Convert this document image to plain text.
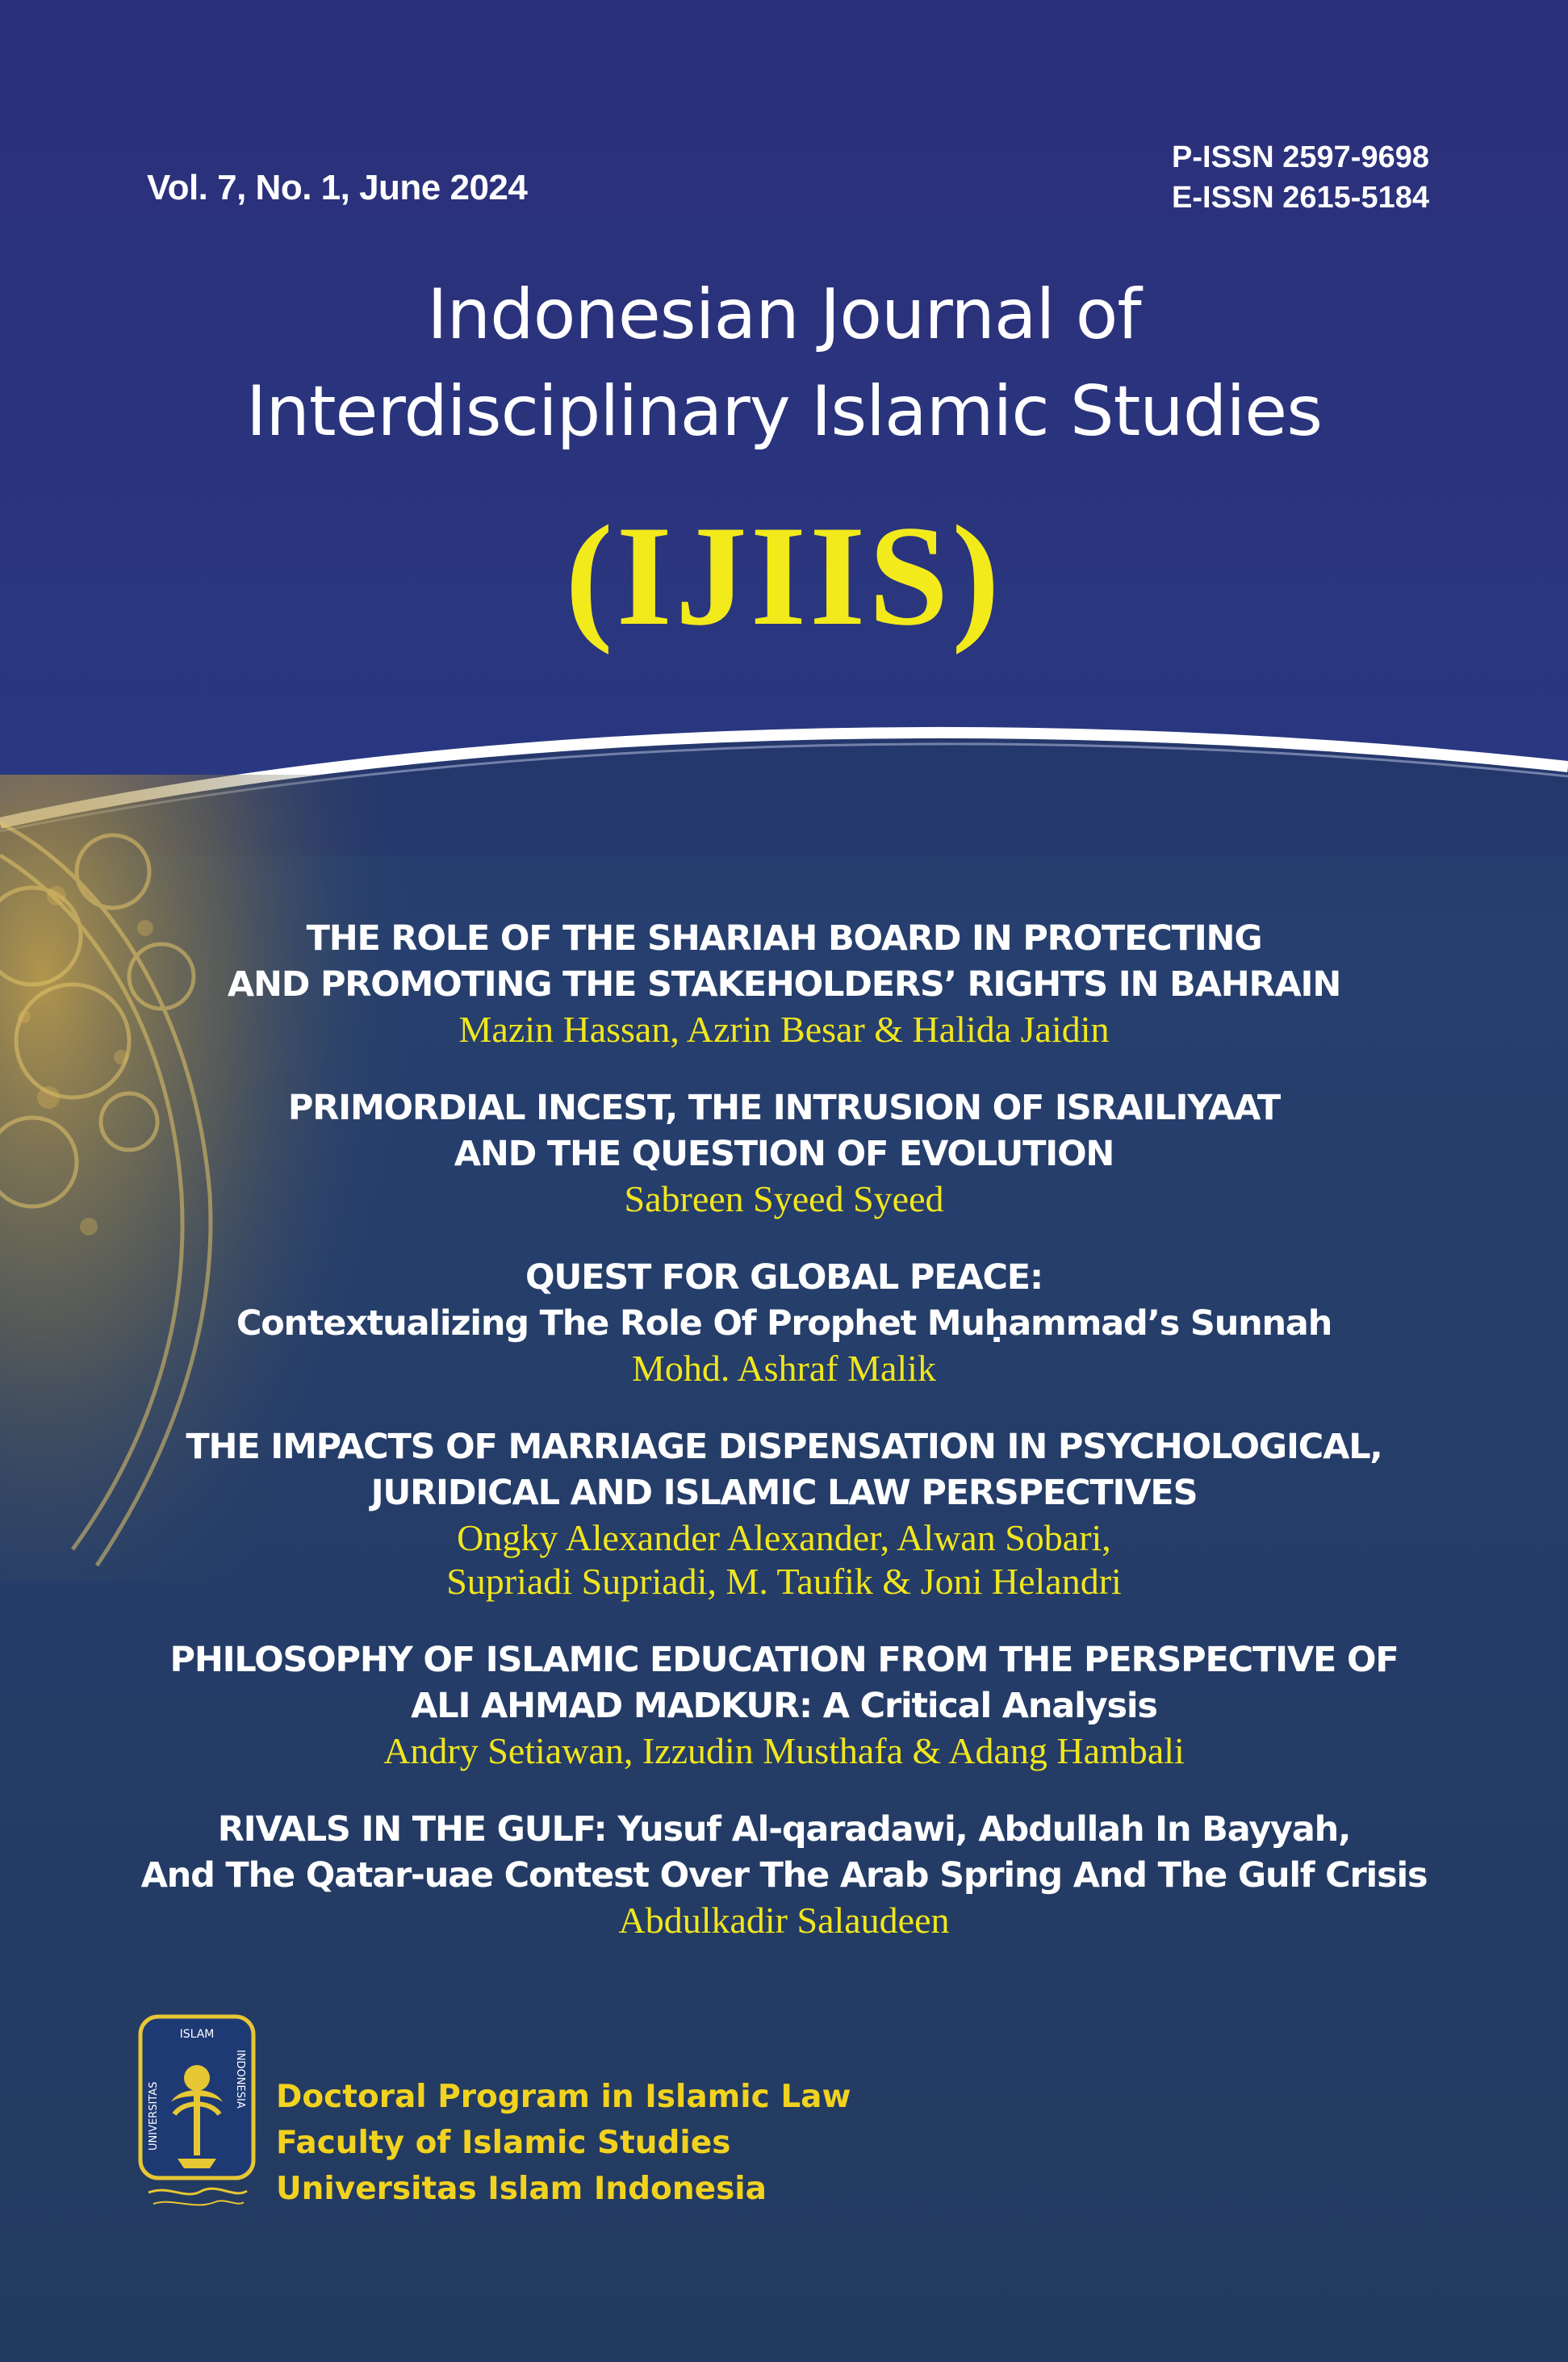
Vol. 7, No. 1, June 2024
P-ISSN 2597-9698
E-ISSN 2615-5184
Indonesian Journal of
Interdisciplinary Islamic Studies
(IJIIS)
THE ROLE OF THE SHARIAH BOARD IN PROTECTING
AND PROMOTING THE STAKEHOLDERS’ RIGHTS IN BAHRAIN
Mazin Hassan, Azrin Besar & Halida Jaidin
PRIMORDIAL INCEST, THE INTRUSION OF ISRAILIYAAT
AND THE QUESTION OF EVOLUTION
Sabreen Syeed Syeed
QUEST FOR GLOBAL PEACE:
Contextualizing The Role Of Prophet Muḥammad’s Sunnah
Mohd. Ashraf Malik
THE IMPACTS OF MARRIAGE DISPENSATION IN PSYCHOLOGICAL,
JURIDICAL AND ISLAMIC LAW PERSPECTIVES
Ongky Alexander Alexander, Alwan Sobari,
Supriadi Supriadi, M. Taufik & Joni Helandri
PHILOSOPHY OF ISLAMIC EDUCATION FROM THE PERSPECTIVE OF
ALI AHMAD MADKUR: A Critical Analysis
Andry Setiawan, Izzudin Musthafa & Adang Hambali
RIVALS IN THE GULF: Yusuf Al-qaradawi, Abdullah In Bayyah,
And The Qatar-uae Contest Over The Arab Spring And The Gulf Crisis
Abdulkadir Salaudeen
ISLAM
UNIVERSITAS
INDONESIA Doctoral Program in Islamic Law
Faculty of Islamic Studies
Universitas Islam Indonesia
